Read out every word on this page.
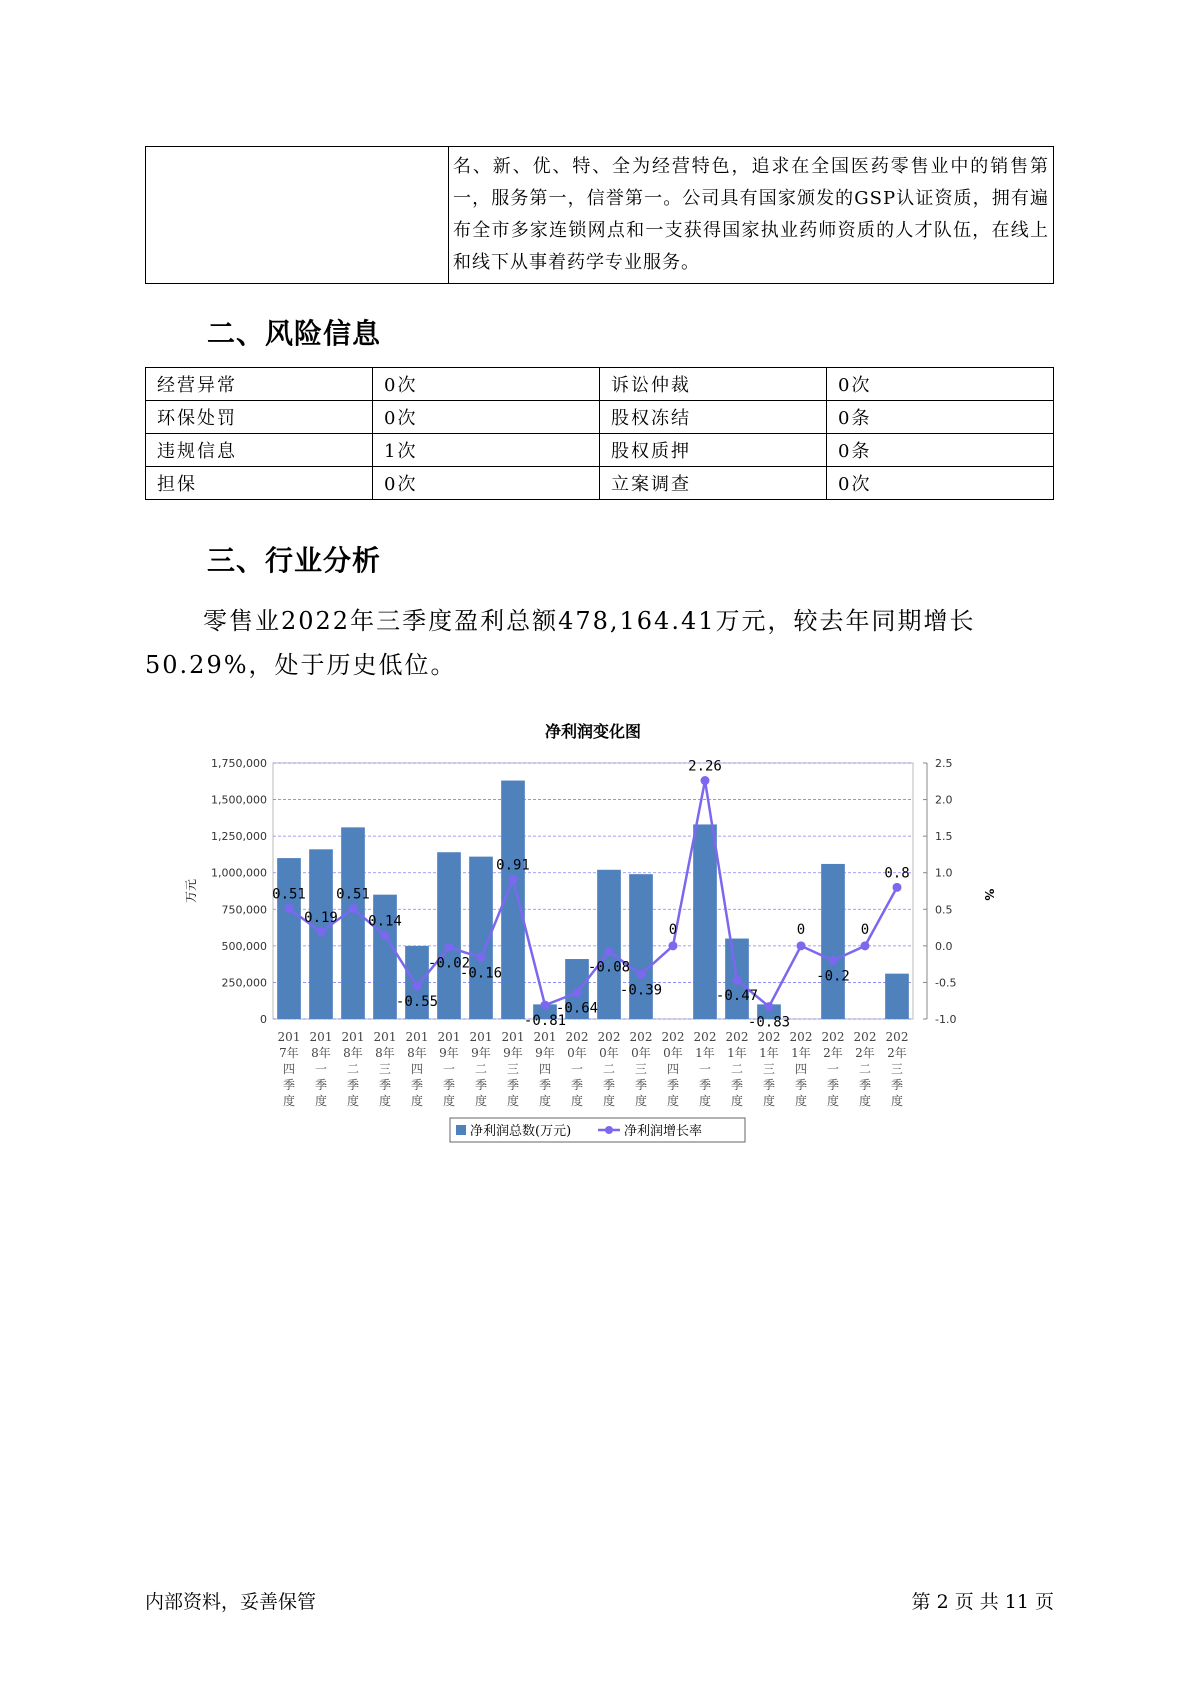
	名、新、优、特、全为经营特色，追求在全国医药零售业中的销售第一，服务第一，信誉第一。公司具有国家颁发的GSP认证资质，拥有遍布全市多家连锁网点和一支获得国家执业药师资质的人才队伍，在线上和线下从事着药学专业服务。
二、风险信息
经营异常	0次	诉讼仲裁	0次
环保处罚	0次	股权冻结	0条
违规信息	1次	股权质押	0条
担保	0次	立案调查	0次
三、行业分析

零售业2022年三季度盈利总额478,164.41万元，较去年同期增长50.29%，处于历史低位。

净利润变化图
0
250,000
500,000
750,000
1,000,000
1,250,000
1,500,000
1,750,000
万元
-1.0
-0.5
0.0
0.5
1.0
1.5
2.0
2.5
%
201
7年
四
季
度
201
8年
一
季
度
201
8年
二
季
度
201
8年
三
季
度
201
8年
四
季
度
201
9年
一
季
度
201
9年
二
季
度
201
9年
三
季
度
201
9年
四
季
度
202
0年
一
季
度
202
0年
二
季
度
202
0年
三
季
度
202
0年
四
季
度
202
1年
一
季
度
202
1年
二
季
度
202
1年
三
季
度
202
1年
四
季
度
202
2年
一
季
度
202
2年
二
季
度
202
2年
三
季
度
0.51
0.19
0.51
0.14
-0.55
-0.02
-0.16
0.91
-0.81
-0.64
-0.08
-0.39
0
2.26
-0.47
-0.83
0
-0.2
0
0.8
净利润总数(万元)	净利润增长率
内部资料，妥善保管	第 2 页 共 11 页
